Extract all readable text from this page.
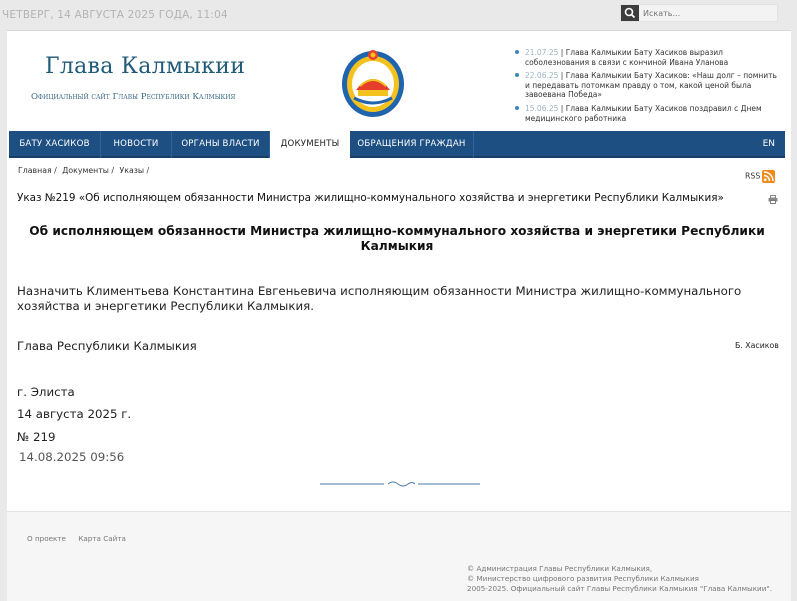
ЧЕТВЕРГ, 14 АВГУСТА 2025 ГОДА, 11:04
Искать...
Глава Калмыкии
Официальный сайт Главы Республики Калмыкия
21.07.25 | Глава Калмыкии Бату Хасиков выразил соболезнования в связи с кончиной Ивана Уланова
22.06.25 | Глава Калмыкии Бату Хасиков: «Наш долг – помнить и передавать потомкам правду о том, какой ценой была завоевана Победа»
15.06.25 | Глава Калмыкии Бату Хасиков поздравил с Днем медицинского работника
БАТУ ХАСИКОВ	НОВОСТИ	ОРГАНЫ ВЛАСТИ	ДОКУМЕНТЫ	ОБРАЩЕНИЯ ГРАЖДАН	EN
Главная / Документы / Указы /
RSS
Указ №219 «Об исполняющем обязанности Министра жилищно-коммунального хозяйства и энергетики Республики Калмыкия»
Об исполняющем обязанности Министра жилищно-коммунального хозяйства и энергетики Республики Калмыкия
Назначить Климентьева Константина Евгеньевича исполняющим обязанности Министра жилищно-коммунального хозяйства и энергетики Республики Калмыкия.
Глава Республики Калмыкия	Б. Хасиков
г. Элиста
14 августа 2025 г.
№ 219
14.08.2025 09:56
О проекте Карта Сайта
© Администрация Главы Республики Калмыкия,
© Министерство цифрового развития Республики Калмыкия
2005-2025. Официальный сайт Главы Республики Калмыкия "Глава Калмыкии".
